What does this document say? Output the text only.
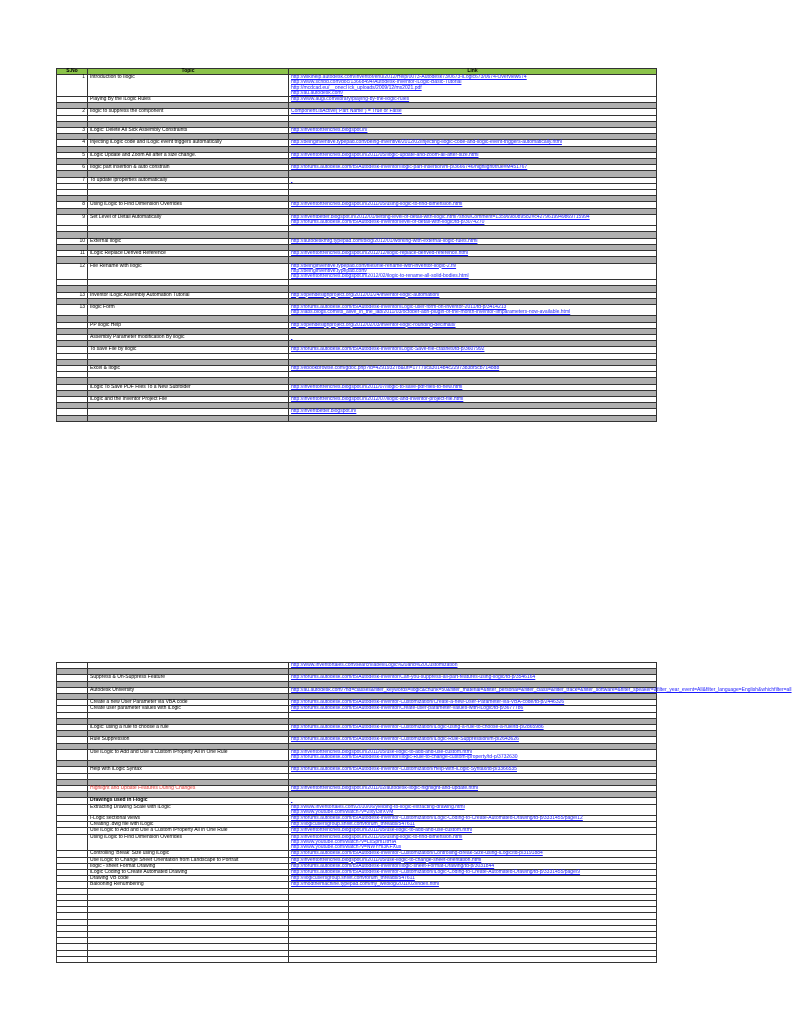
S.No	Topic	Link
1	Introduction to Ilogic	http://wikihelp.autodesk.com/Inventor/enu/2012/Help/0073-Autodesk73/0673-iLogic673/0674-Overview674
http://www.scribd.com/doc/13668494/Autodesk-Inventor-iLogic-Basic-Tutorial
http://mcdcad.eu/__onecl ick_uploads/2009/12/ms2021.pdf
http://au.autodesk.com/

	Playing By the iLogic Rules	http://www.augi.com/library/playing-by-the-ilogic-rules

2	Ilogic to suppress the component	Component.IsActive("Part Name") = True or False

3	iLogic: Delete All Sick Assembly Constraints	http://inventortrenches.blogspot.in/

4	Injecting iLogic code and iLogic event triggers automatically	http://beinginventive.typepad.com/being-inventive/2012/02/injecting-ilogic-code-and-ilogic-event-triggers-automatically.html

5	iLogic Update and Zoom All after a size change.	http://inventortrenches.blogspot.in/2011/05/ilogic-update-and-zoom-all-after-size.html

6	Ilogic part insertion & auto constrain	http://forums.autodesk.com/t5/Autodesk-Inventor/Ilogic-part-insertion/m-p/3666746/highlight/true#M451767

7	To update iproperties automatically	

8	Using iLogic to Find Dimension Overrides	http://inventortrenches.blogspot.in/2011/05/using-ilogic-to-find-dimension.html

9	Set Level of Detail Automatically	http://inventbetter.blogspot.in/2012/01/setting-level-of-detail-with-ilogic.html?showComment=1359698089582#c4279619949869715994
http://forums.autodesk.com/t5/Autodesk-Inventor/level-of-detail-with-ilogic/td-p/3074270

10	External ilogic	http://autodeskmfg.typepad.com/blog/2012/01/working-with-external-ilogic-rules.html

11	iLogic Replace Derived Reference	http://inventortrenches.blogspot.in/2012/12/ilogic-replace-derived-reference.html

12	File Rename with Ilogic	http://beinginventive.typepad.com/files/file-rename-with-inventor-ilogic-2.flv
http://beinginventive.typepad.com/
http://inventortrenches.blogspot.in/2012/02/ilogic-to-rename-all-solid-bodies.html

13	Inventor iLogic Assembly Automation Tutorial	http://opendesignproject.org/2012/01/24/inventor-ilogic-automation/

13	Ilogic Form	http://forums.autodesk.com/t5/Autodesk-Inventor/iLogic-user-form-on-inventor-2011/td-p/3414213
http://labs.blogs.com/its_alive_in_the_lab/2011/03/october-adn-plugin-of-the-month-inventor-ilmparameters-now-available.html

	PP ilogic Help	http://opendesignproject.org/2012/02/03/inventor-ilogic-rounding-decimals/

	Assembly Parameter modification By ilogic	

	To save File by Ilogic	http://forums.autodesk.com/t5/Autodesk-Inventor/iLogic-Save-file-crashes/td-p/3607992

	Excel & Ilogic	http://ebookbrowse.com/gdoc.php?id=429193278&url=17779ca3014b4c2297383bf5cb7148d8

	iLogic To Save PDF Files To a New Subfolder	http://inventortrenches.blogspot.in/2011/07/ilogic-to-save-pdf-files-to-new.html

	iLogic and the Inventor Project File	http://inventortrenches.blogspot.in/2012/07/ilogic-and-inventor-project-file.html

		http://inventbetter.blogspot.in/

		http://www.inventortales.com/search/label/iLogic%20and%20Customization

	Suppress & Un-Suppress Feature	http://forums.autodesk.com/t5/Autodesk-Inventor/Can-you-suppress-all-part-features-using-ilogic/td-p/3546164

	Autodesk University	http://au.autodesk.com/?nd=classes&filter_keywords=ilogic&chunk=50&filter_material=&filter_personal=&filter_class=&filter_track=&filter_software=&filter_speaker=&filter_year_event=All&filter_language=English&whichfilter=all

	Create a new User Parameter via VBA code	http://forums.autodesk.com/t5/Autodesk-Inventor-Customization/Create-a-new-User-Parameter-via-VBA-code/td-p/2446326

	Create user parameter values with iLogic	http://forums.autodesk.com/t5/Autodesk-Inventor/Create-user-parameter-values-with-iLogic/td-p/3677786

	iLogic: using a rule to choose a rule	http://forums.autodesk.com/t5/Autodesk-Inventor-Customization/iLogic-using-a-rule-to-choose-a-rule/td-p/2865986

	Rule Suppression	http://forums.autodesk.com/t5/Autodesk-Inventor-Customization/iLogic-Rule-Suppression/m-p/2643626

	Use iLogic to Add and Use a Custom iProperty All in One Rule	http://inventortrenches.blogspot.in/2011/05/use-ilogic-to-add-and-use-custom.html
http://forums.autodesk.com/t5/Autodesk-Inventor/Ilogic-Rule-to-change-custom-iproperty/td-p/3732630

	Help with iLogic Syntax	http://forums.autodesk.com/t5/Autodesk-Inventor-Customization/Help-with-iLogic-Syntax/td-p/3366535

	Highlight and Update Features During Changes	http://inventortrenches.blogspot.in/2011/02/autodesk-ilogic-highlight-and-update.html

	Drawings used in I-logic	

	Extracting Drawing Scale with iLogic	http://www.inventortales.com/2010/06/yielding-to-ilogic-extracting-drawing.html
http://www.youtube.com/watch?v=2lxyI3lrXVM

	I-Logic sectional views	http://forums.autodesk.com/t5/Autodesk-Inventor-Customization/iLogic-Coding-to-Create-Automated-Drawing/td-p/3331455/page/12

	Creating .dwg file with iLogic	http://ilogicusersgroup.shivlt.com/forum_threads/547611

	Use iLogic to Add and Use a Custom iProperty All in One Rule	http://inventortrenches.blogspot.in/2011/05/use-ilogic-to-add-and-use-custom.html

	Using iLogic to Find Dimension Overrides	http://inventortrenches.blogspot.in/2011/05/using-ilogic-to-find-dimension.html
http://www.youtube.com/watch?v=LsSpm1ItHIA
http://www.youtube.com/watch?v=NWYHI3KFXus

	Controlling 'Break' Size using iLogic	http://forums.autodesk.com/t5/Autodesk-Inventor-Customization/Controlling-Break-Size-using-iLogic/td-p/3191884

	Use iLogic to Change Sheet Orientation from Landscape to Portrait	http://inventortrenches.blogspot.in/2011/05/use-ilogic-to-change-sheet-orientation.html

	Ilogic - sheet Format Drawing	http://forums.autodesk.com/t5/Autodesk-Inventor/Ilogic-sheet-Format-Drawing/td-p/3031844

	iLogic Coding to Create Automated Drawing	http://forums.autodesk.com/t5/Autodesk-Inventor-Customization/iLogic-Coding-to-Create-Automated-Drawing/td-p/3331455/page/9

	Drawing VB code	http://ilogicusersgroup.shivlt.com/forum_threads/547611

	Balooning Renumbering	http://modthemachine.typepad.com/my_weblog/2011/02/index.html
